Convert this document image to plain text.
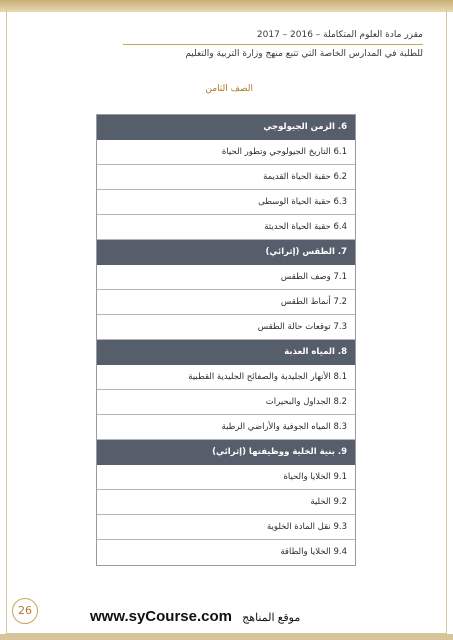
مقرر مادة العلوم المتكاملة – 2016 – 2017
للطلبة في المدارس الخاصة التي تتبع منهج وزارة التربية والتعليم
الصف الثامن
6. الزمن الجيولوجي
6.1 التاريخ الجيولوجي وتطور الحياة
6.2 حقبة الحياة القديمة
6.3 حقبة الحياة الوسطى
6.4 حقبة الحياة الحديثة
7. الطقس (إثرائي)
7.1 وصف الطقس
7.2 أنماط الطقس
7.3 توقعات حالة الطقس
8. المياه العذبة
8.1 الأنهار الجليدية والصفائح الجليدية القطبية
8.2 الجداول والبحيرات
8.3 المياه الجوفية والأراضي الرطبة
9. بنية الخلية ووظيفتها (إثرائي)
9.1 الخلايا والحياة
9.2 الخلية
9.3 نقل المادة الخلوية
9.4 الخلايا والطاقة
26	www.syCourse.com موقع المناهج
